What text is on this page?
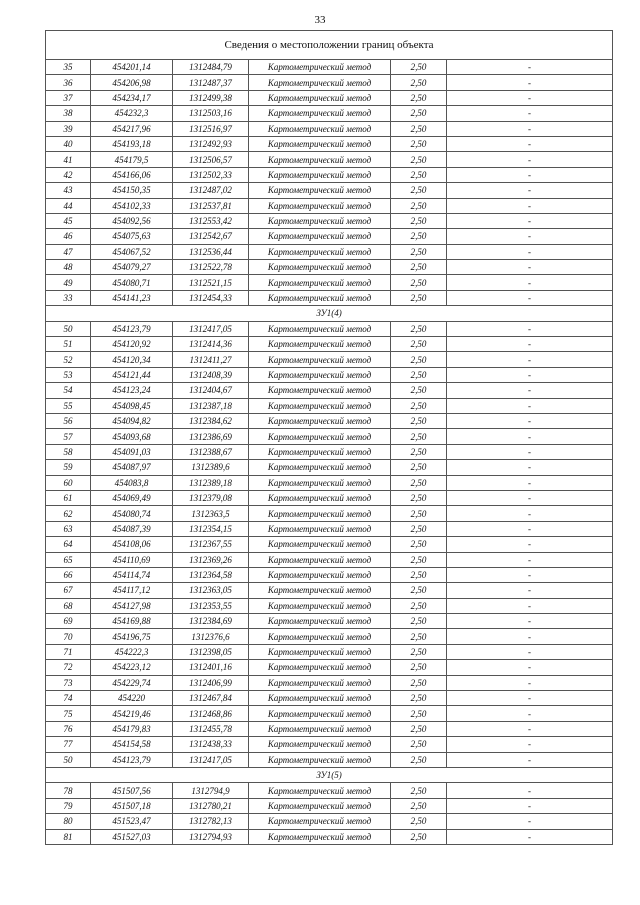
33
Сведения о местоположении границ объекта					
35	454201,14	1312484,79	Картометрический метод	2,50	-
36	454206,98	1312487,37	Картометрический метод	2,50	-
37	454234,17	1312499,38	Картометрический метод	2,50	-
38	454232,3	1312503,16	Картометрический метод	2,50	-
39	454217,96	1312516,97	Картометрический метод	2,50	-
40	454193,18	1312492,93	Картометрический метод	2,50	-
41	454179,5	1312506,57	Картометрический метод	2,50	-
42	454166,06	1312502,33	Картометрический метод	2,50	-
43	454150,35	1312487,02	Картометрический метод	2,50	-
44	454102,33	1312537,81	Картометрический метод	2,50	-
45	454092,56	1312553,42	Картометрический метод	2,50	-
46	454075,63	1312542,67	Картометрический метод	2,50	-
47	454067,52	1312536,44	Картометрический метод	2,50	-
48	454079,27	1312522,78	Картометрический метод	2,50	-
49	454080,71	1312521,15	Картометрический метод	2,50	-
33	454141,23	1312454,33	Картометрический метод	2,50	-
ЗУ1(4)					
50	454123,79	1312417,05	Картометрический метод	2,50	-
51	454120,92	1312414,36	Картометрический метод	2,50	-
52	454120,34	1312411,27	Картометрический метод	2,50	-
53	454121,44	1312408,39	Картометрический метод	2,50	-
54	454123,24	1312404,67	Картометрический метод	2,50	-
55	454098,45	1312387,18	Картометрический метод	2,50	-
56	454094,82	1312384,62	Картометрический метод	2,50	-
57	454093,68	1312386,69	Картометрический метод	2,50	-
58	454091,03	1312388,67	Картометрический метод	2,50	-
59	454087,97	1312389,6	Картометрический метод	2,50	-
60	454083,8	1312389,18	Картометрический метод	2,50	-
61	454069,49	1312379,08	Картометрический метод	2,50	-
62	454080,74	1312363,5	Картометрический метод	2,50	-
63	454087,39	1312354,15	Картометрический метод	2,50	-
64	454108,06	1312367,55	Картометрический метод	2,50	-
65	454110,69	1312369,26	Картометрический метод	2,50	-
66	454114,74	1312364,58	Картометрический метод	2,50	-
67	454117,12	1312363,05	Картометрический метод	2,50	-
68	454127,98	1312353,55	Картометрический метод	2,50	-
69	454169,88	1312384,69	Картометрический метод	2,50	-
70	454196,75	1312376,6	Картометрический метод	2,50	-
71	454222,3	1312398,05	Картометрический метод	2,50	-
72	454223,12	1312401,16	Картометрический метод	2,50	-
73	454229,74	1312406,99	Картометрический метод	2,50	-
74	454220	1312467,84	Картометрический метод	2,50	-
75	454219,46	1312468,86	Картометрический метод	2,50	-
76	454179,83	1312455,78	Картометрический метод	2,50	-
77	454154,58	1312438,33	Картометрический метод	2,50	-
50	454123,79	1312417,05	Картометрический метод	2,50	-
ЗУ1(5)					
78	451507,56	1312794,9	Картометрический метод	2,50	-
79	451507,18	1312780,21	Картометрический метод	2,50	-
80	451523,47	1312782,13	Картометрический метод	2,50	-
81	451527,03	1312794,93	Картометрический метод	2,50	-
